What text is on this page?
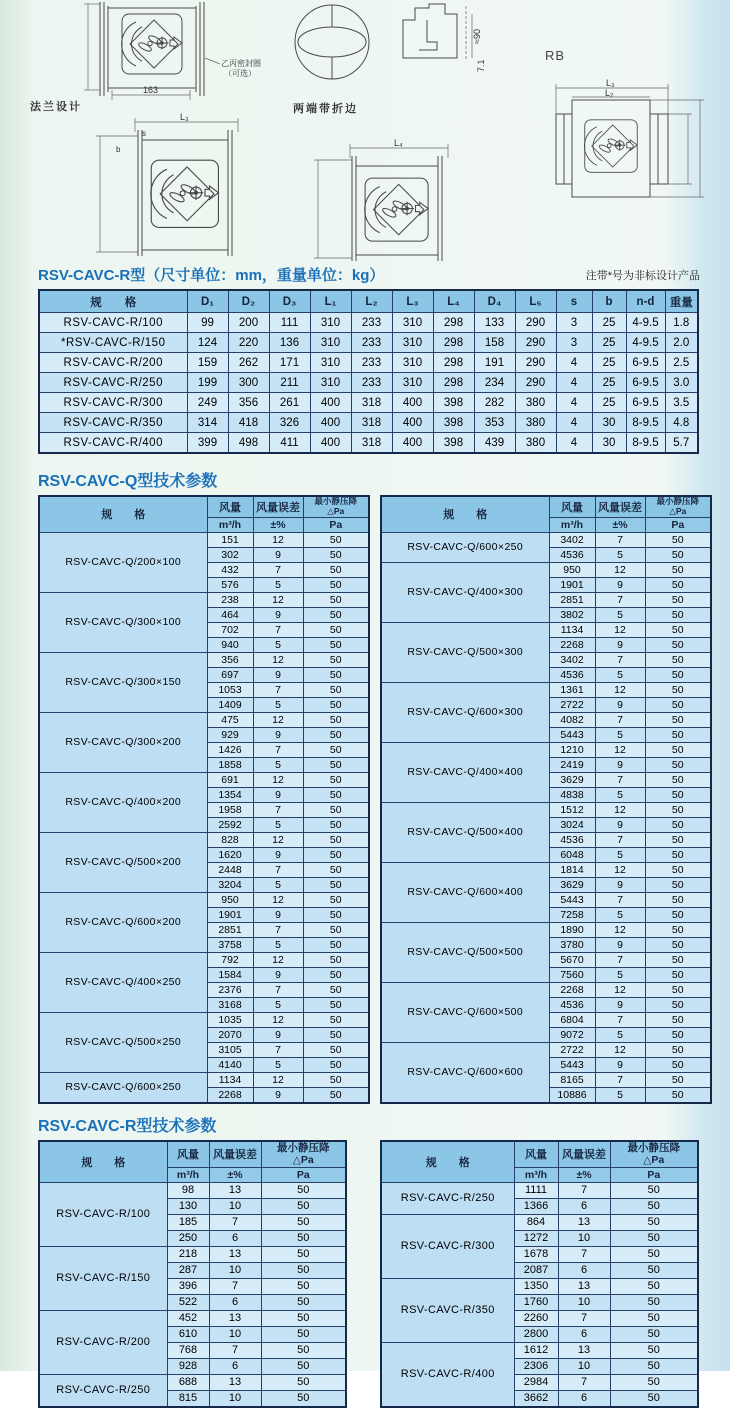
163
乙丙密封圈
（可选）
≈90
7.1
L₃
L₂
L₃
s
b
L₄
法兰设计	两端带折边
RB
RSV-CAVC-R型（尺寸单位：mm，重量单位：kg）	注带*号为非标设计产品
规　　格	D₁	D₂	D₃	L₁	L₂	L₃	L₄	D₄	L₅	s	b	n-d	重量
RSV-CAVC-R/100	99	200	111	310	233	310	298	133	290	3	25	4-9.5	1.8
*RSV-CAVC-R/150	124	220	136	310	233	310	298	158	290	3	25	4-9.5	2.0
RSV-CAVC-R/200	159	262	171	310	233	310	298	191	290	4	25	6-9.5	2.5
RSV-CAVC-R/250	199	300	211	310	233	310	298	234	290	4	25	6-9.5	3.0
RSV-CAVC-R/300	249	356	261	400	318	400	398	282	380	4	25	6-9.5	3.5
RSV-CAVC-R/350	314	418	326	400	318	400	398	353	380	4	30	8-9.5	4.8
RSV-CAVC-R/400	399	498	411	400	318	400	398	439	380	4	30	8-9.5	5.7
RSV-CAVC-Q型技术参数
规　　格	风量	风量误差	最小静压降
△Pa
	m³/h	±%	Pa
RSV-CAVC-Q/200×100	151	12	50
	302	9	50
	432	7	50
	576	5	50
RSV-CAVC-Q/300×100	238	12	50
	464	9	50
	702	7	50
	940	5	50
RSV-CAVC-Q/300×150	356	12	50
	697	9	50
	1053	7	50
	1409	5	50
RSV-CAVC-Q/300×200	475	12	50
	929	9	50
	1426	7	50
	1858	5	50
RSV-CAVC-Q/400×200	691	12	50
	1354	9	50
	1958	7	50
	2592	5	50
RSV-CAVC-Q/500×200	828	12	50
	1620	9	50
	2448	7	50
	3204	5	50
RSV-CAVC-Q/600×200	950	12	50
	1901	9	50
	2851	7	50
	3758	5	50
RSV-CAVC-Q/400×250	792	12	50
	1584	9	50
	2376	7	50
	3168	5	50
RSV-CAVC-Q/500×250	1035	12	50
	2070	9	50
	3105	7	50
	4140	5	50
RSV-CAVC-Q/600×250	1134	12	50
	2268	9	50
规　　格	风量	风量误差	最小静压降
△Pa
	m³/h	±%	Pa
RSV-CAVC-Q/600×250	3402	7	50
	4536	5	50
RSV-CAVC-Q/400×300	950	12	50
	1901	9	50
	2851	7	50
	3802	5	50
RSV-CAVC-Q/500×300	1134	12	50
	2268	9	50
	3402	7	50
	4536	5	50
RSV-CAVC-Q/600×300	1361	12	50
	2722	9	50
	4082	7	50
	5443	5	50
RSV-CAVC-Q/400×400	1210	12	50
	2419	9	50
	3629	7	50
	4838	5	50
RSV-CAVC-Q/500×400	1512	12	50
	3024	9	50
	4536	7	50
	6048	5	50
RSV-CAVC-Q/600×400	1814	12	50
	3629	9	50
	5443	7	50
	7258	5	50
RSV-CAVC-Q/500×500	1890	12	50
	3780	9	50
	5670	7	50
	7560	5	50
RSV-CAVC-Q/600×500	2268	12	50
	4536	9	50
	6804	7	50
	9072	5	50
RSV-CAVC-Q/600×600	2722	12	50
	5443	9	50
	8165	7	50
	10886	5	50
RSV-CAVC-R型技术参数
规　　格	风量	风量误差	最小静压降
△Pa
	m³/h	±%	Pa
RSV-CAVC-R/100	98	13	50
	130	10	50
	185	7	50
	250	6	50
RSV-CAVC-R/150	218	13	50
	287	10	50
	396	7	50
	522	6	50
RSV-CAVC-R/200	452	13	50
	610	10	50
	768	7	50
	928	6	50
RSV-CAVC-R/250	688	13	50
	815	10	50
规　　格	风量	风量误差	最小静压降
△Pa
	m³/h	±%	Pa
RSV-CAVC-R/250	1111	7	50
	1366	6	50
RSV-CAVC-R/300	864	13	50
	1272	10	50
	1678	7	50
	2087	6	50
RSV-CAVC-R/350	1350	13	50
	1760	10	50
	2260	7	50
	2800	6	50
RSV-CAVC-R/400	1612	13	50
	2306	10	50
	2984	7	50
	3662	6	50
